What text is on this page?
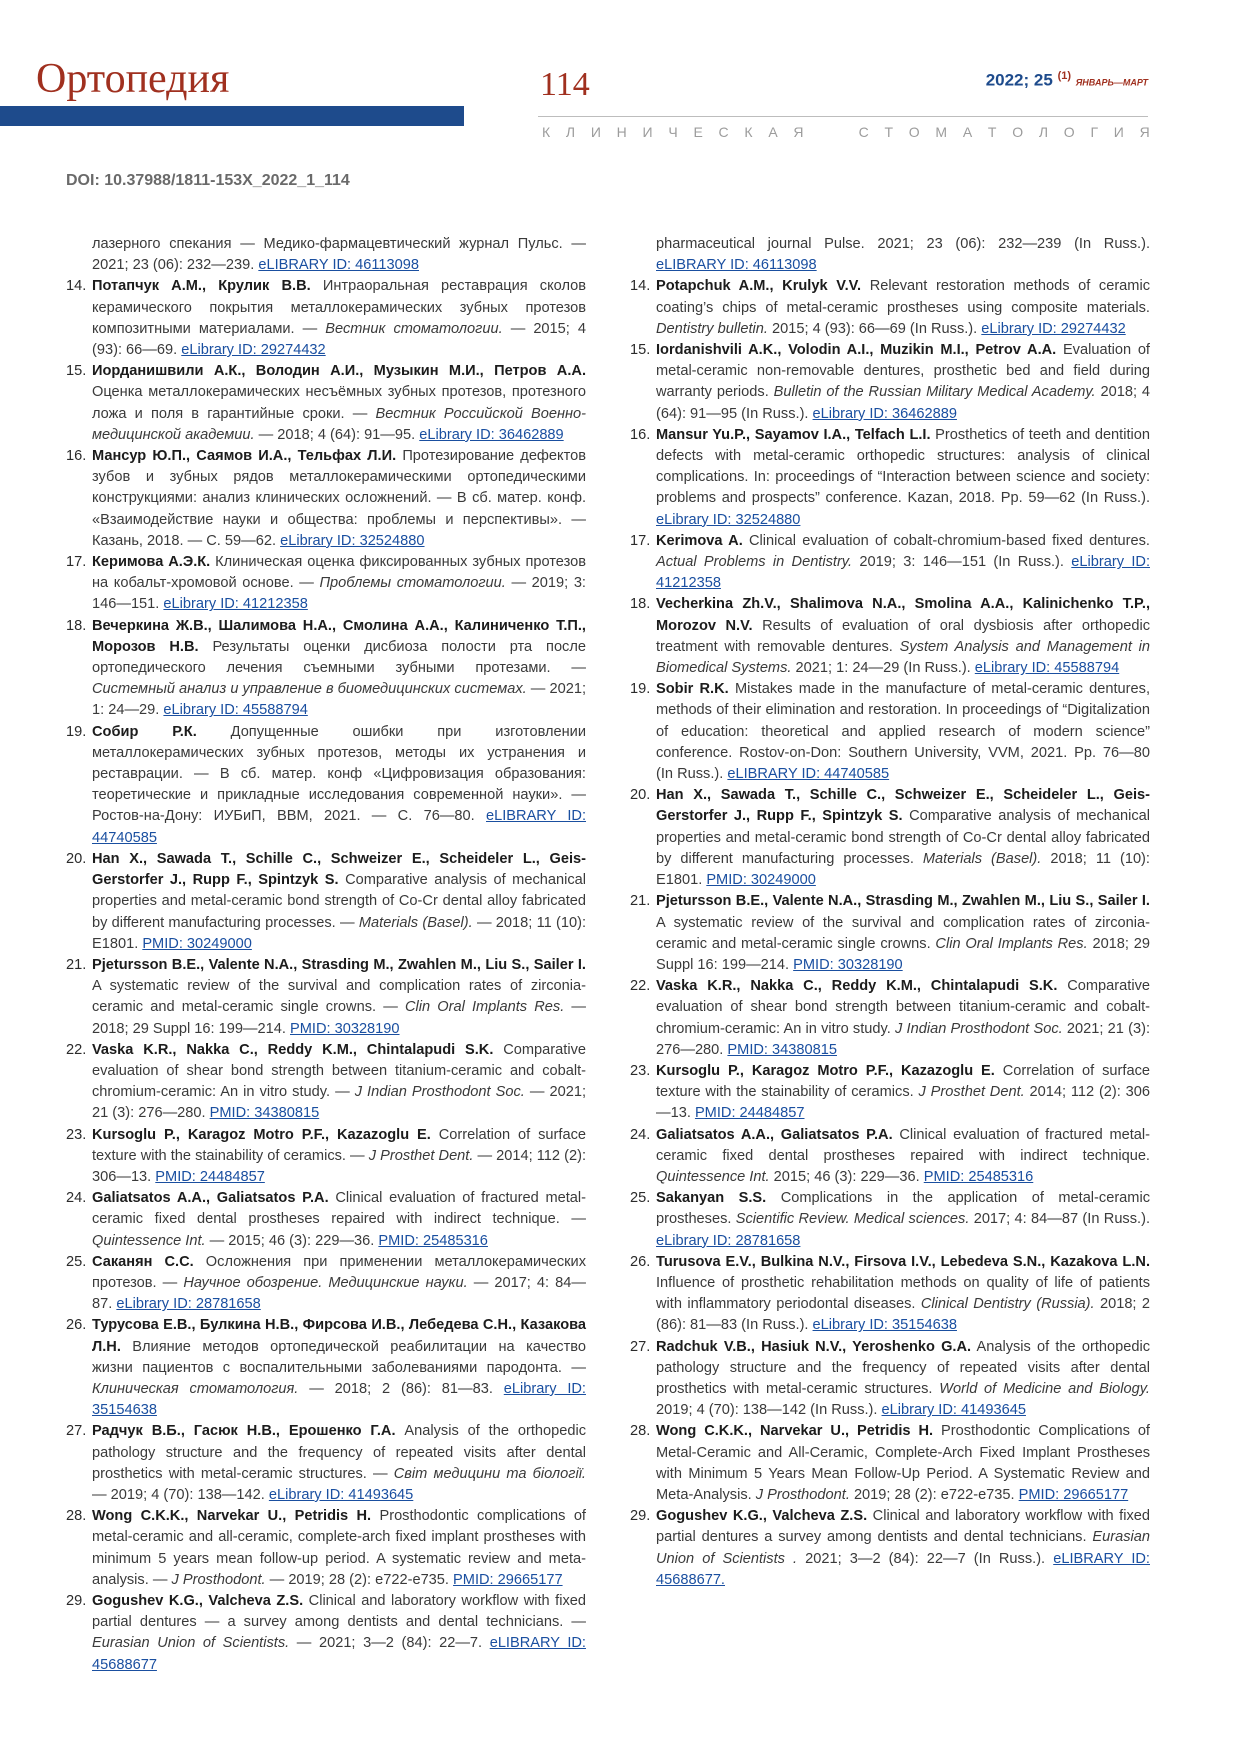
Ортопедия	114	2022; 25 $^{(1)}$ ЯНВАРЬ—МАРТ
К Л И Н И Ч Е С К А Я

	С Т О М А Т О Л О Г И Я
DOI: 10.37988/1811-153X_2022_1_114
лазерного спекания — Медико-фармацевтический журнал Пульс. — 2021; 23 (06): 232—239. eLIBRARY ID: 46113098
14. Потапчук А.М., Крулик В.В. Интраоральная реставрация сколов керамического покрытия металлокерамических зубных протезов композитными материалами. — Вестник стоматологии. — 2015; 4 (93): 66—69. eLibrary ID: 29274432
15. Иорданишвили А.К., Володин А.И., Музыкин М.И., Петров А.А. Оценка металлокерамических несъёмных зубных протезов, протезного ложа и поля в гарантийные сроки. — Вестник Российской Военно-медицинской академии. — 2018; 4 (64): 91—95. eLibrary ID: 36462889
16. Мансур Ю.П., Саямов И.А., Тельфах Л.И. Протезирование дефектов зубов и зубных рядов металлокерамическими ортопедическими конструкциями: анализ клинических осложнений. — В сб. матер. конф. «Взаимодействие науки и общества: проблемы и перспективы». — Казань, 2018. — С. 59—62. eLibrary ID: 32524880
17. Керимова А.Э.К. Клиническая оценка фиксированных зубных протезов на кобальт-хромовой основе. — Проблемы стоматологии. — 2019; 3: 146—151. eLibrary ID: 41212358
18. Вечеркина Ж.В., Шалимова Н.А., Смолина А.А., Калиниченко Т.П., Морозов Н.В. Результаты оценки дисбиоза полости рта после ортопедического лечения съемными зубными протезами. — Системный анализ и управление в биомедицинских системах. — 2021; 1: 24—29. eLibrary ID: 45588794
19. Собир Р.К. Допущенные ошибки при изготовлении металлокерамических зубных протезов, методы их устранения и реставрации. — В сб. матер. конф «Цифровизация образования: теоретические и прикладные исследования современной науки». — Ростов-на-Дону: ИУБиП, ВВМ, 2021. — С. 76—80. eLIBRARY ID: 44740585
20. Han X., Sawada T., Schille C., Schweizer E., Scheideler L., Geis-Gerstorfer J., Rupp F., Spintzyk S. Comparative analysis of mechanical properties and metal-ceramic bond strength of Co-Cr dental alloy fabricated by different manufacturing processes. — Materials (Basel). — 2018; 11 (10): E1801. PMID: 30249000
21. Pjetursson B.E., Valente N.A., Strasding M., Zwahlen M., Liu S., Sailer I. A systematic review of the survival and complication rates of zirconia-ceramic and metal-ceramic single crowns. — Clin Oral Implants Res. — 2018; 29 Suppl 16: 199—214. PMID: 30328190
22. Vaska K.R., Nakka C., Reddy K.M., Chintalapudi S.K. Comparative evaluation of shear bond strength between titanium-ceramic and cobalt-chromium-ceramic: An in vitro study. — J Indian Prosthodont Soc. — 2021; 21 (3): 276—280. PMID: 34380815
23. Kursoglu P., Karagoz Motro P.F., Kazazoglu E. Correlation of surface texture with the stainability of ceramics. — J Prosthet Dent. — 2014; 112 (2): 306—13. PMID: 24484857
24. Galiatsatos A.A., Galiatsatos P.A. Clinical evaluation of fractured metal-ceramic fixed dental prostheses repaired with indirect technique. — Quintessence Int. — 2015; 46 (3): 229—36. PMID: 25485316
25. Саканян С.С. Осложнения при применении металлокерамических протезов. — Научное обозрение. Медицинские науки. — 2017; 4: 84—87. eLibrary ID: 28781658
26. Турусова Е.В., Булкина Н.В., Фирсова И.В., Лебедева С.Н., Казакова Л.Н. Влияние методов ортопедической реабилитации на качество жизни пациентов с воспалительными заболеваниями пародонта. — Клиническая стоматология. — 2018; 2 (86): 81—83. eLibrary ID: 35154638
27. Радчук В.Б., Гасюк Н.В., Ерошенко Г.А. Analysis of the orthopedic pathology structure and the frequency of repeated visits after dental prosthetics with metal-ceramic structures. — Світ медицини та біології. — 2019; 4 (70): 138—142. eLibrary ID: 41493645
28. Wong C.K.K., Narvekar U., Petridis H. Prosthodontic complications of metal-ceramic and all-ceramic, complete-arch fixed implant prostheses with minimum 5 years mean follow-up period. A systematic review and meta-analysis. — J Prosthodont. — 2019; 28 (2): e722-e735. PMID: 29665177
29. Gogushev K.G., Valcheva Z.S. Clinical and laboratory workflow with fixed partial dentures — a survey among dentists and dental technicians. — Eurasian Union of Scientists. — 2021; 3—2 (84): 22—7. eLIBRARY ID: 45688677
pharmaceutical journal Pulse. 2021; 23 (06): 232—239 (In Russ.). eLIBRARY ID: 46113098
14. Potapchuk A.M., Krulyk V.V. Relevant restoration methods of ceramic coating’s chips of metal-ceramic prostheses using composite materials. Dentistry bulletin. 2015; 4 (93): 66—69 (In Russ.). eLibrary ID: 29274432
15. Iordanishvili A.K., Volodin A.I., Muzikin M.I., Petrov A.A. Evaluation of metal-ceramic non-removable dentures, prosthetic bed and field during warranty periods. Bulletin of the Russian Military Medical Academy. 2018; 4 (64): 91—95 (In Russ.). eLibrary ID: 36462889
16. Mansur Yu.P., Sayamov I.A., Telfach L.I. Prosthetics of teeth and dentition defects with metal-ceramic orthopedic structures: analysis of clinical complications. In: proceedings of “Interaction between science and society: problems and prospects” conference. Kazan, 2018. Pp. 59—62 (In Russ.). eLibrary ID: 32524880
17. Kerimova A. Clinical evaluation of cobalt-chromium-based fixed dentures. Actual Problems in Dentistry. 2019; 3: 146—151 (In Russ.). eLibrary ID: 41212358
18. Vecherkina Zh.V., Shalimova N.A., Smolina A.A., Kalinichenko T.P., Morozov N.V. Results of evaluation of oral dysbiosis after orthopedic treatment with removable dentures. System Analysis and Management in Biomedical Systems. 2021; 1: 24—29 (In Russ.). eLibrary ID: 45588794
19. Sobir R.K. Mistakes made in the manufacture of metal-ceramic dentures, methods of their elimination and restoration. In proceedings of “Digitalization of education: theoretical and applied research of modern science” conference. Rostov-on-Don: Southern University, VVM, 2021. Pp. 76—80 (In Russ.). eLIBRARY ID: 44740585
20. Han X., Sawada T., Schille C., Schweizer E., Scheideler L., Geis-Gerstorfer J., Rupp F., Spintzyk S. Comparative analysis of mechanical properties and metal-ceramic bond strength of Co-Cr dental alloy fabricated by different manufacturing processes. Materials (Basel). 2018; 11 (10): E1801. PMID: 30249000
21. Pjetursson B.E., Valente N.A., Strasding M., Zwahlen M., Liu S., Sailer I. A systematic review of the survival and complication rates of zirconia-ceramic and metal-ceramic single crowns. Clin Oral Implants Res. 2018; 29 Suppl 16: 199—214. PMID: 30328190
22. Vaska K.R., Nakka C., Reddy K.M., Chintalapudi S.K. Comparative evaluation of shear bond strength between titanium-ceramic and cobalt-chromium-ceramic: An in vitro study. J Indian Prosthodont Soc. 2021; 21 (3): 276—280. PMID: 34380815
23. Kursoglu P., Karagoz Motro P.F., Kazazoglu E. Correlation of surface texture with the stainability of ceramics. J Prosthet Dent. 2014; 112 (2): 306—13. PMID: 24484857
24. Galiatsatos A.A., Galiatsatos P.A. Clinical evaluation of fractured metal-ceramic fixed dental prostheses repaired with indirect technique. Quintessence Int. 2015; 46 (3): 229—36. PMID: 25485316
25. Sakanyan S.S. Complications in the application of metal-ceramic prostheses. Scientific Review. Medical sciences. 2017; 4: 84—87 (In Russ.). eLibrary ID: 28781658
26. Turusova E.V., Bulkina N.V., Firsova I.V., Lebedeva S.N., Kazakova L.N. Influence of prosthetic rehabilitation methods on quality of life of patients with inflammatory periodontal diseases. Clinical Dentistry (Russia). 2018; 2 (86): 81—83 (In Russ.). eLibrary ID: 35154638
27. Radchuk V.B., Hasiuk N.V., Yeroshenko G.A. Analysis of the orthopedic pathology structure and the frequency of repeated visits after dental prosthetics with metal-ceramic structures. World of Medicine and Biology. 2019; 4 (70): 138—142 (In Russ.). eLibrary ID: 41493645
28. Wong C.K.K., Narvekar U., Petridis H. Prosthodontic Complications of Metal-Ceramic and All-Ceramic, Complete-Arch Fixed Implant Prostheses with Minimum 5 Years Mean Follow-Up Period. A Systematic Review and Meta-Analysis. J Prosthodont. 2019; 28 (2): e722-e735. PMID: 29665177
29. Gogushev K.G., Valcheva Z.S. Clinical and laboratory workflow with fixed partial dentures a survey among dentists and dental technicians. Eurasian Union of Scientists . 2021; 3—2 (84): 22—7 (In Russ.). eLIBRARY ID: 45688677.
